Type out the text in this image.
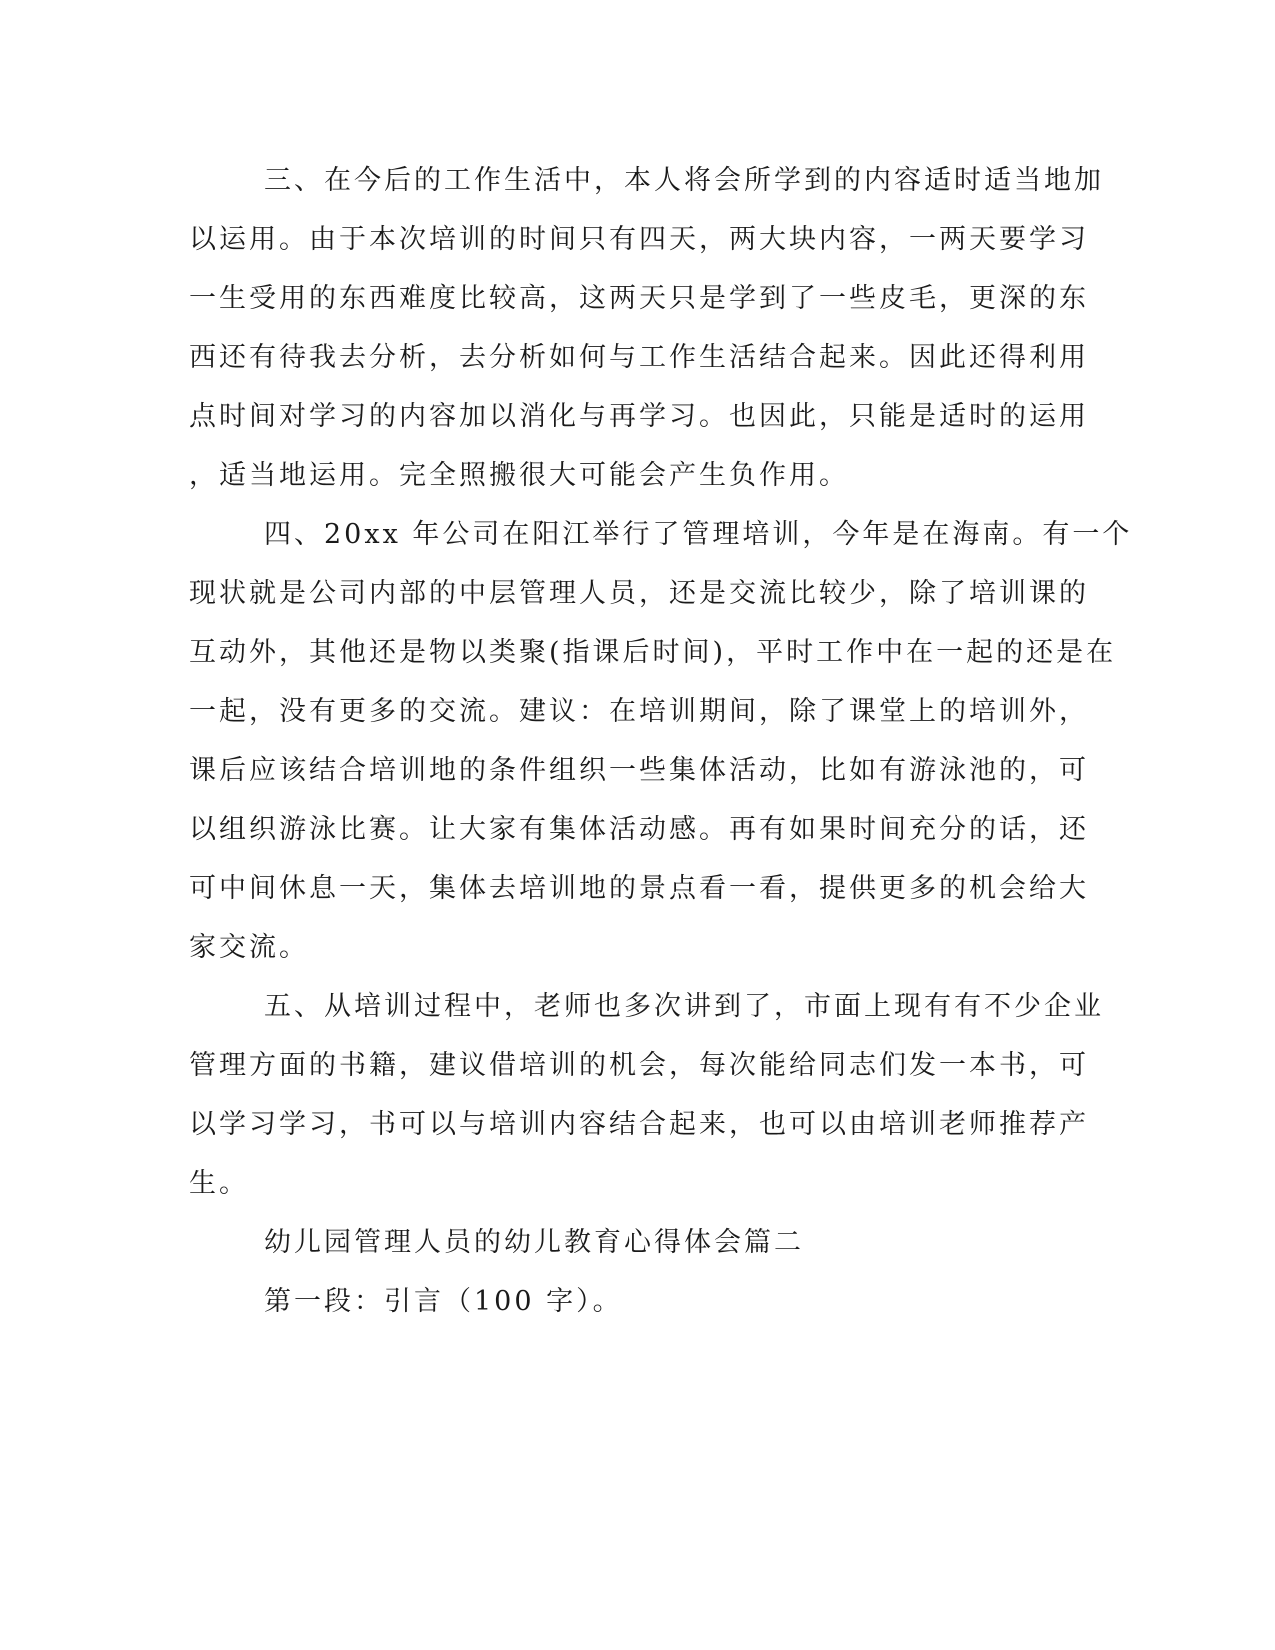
三、在今后的工作生活中，本人将会所学到的内容适时适当地加
以运用。由于本次培训的时间只有四天，两大块内容，一两天要学习
一生受用的东西难度比较高，这两天只是学到了一些皮毛，更深的东
西还有待我去分析，去分析如何与工作生活结合起来。因此还得利用
点时间对学习的内容加以消化与再学习。也因此，只能是适时的运用
，适当地运用。完全照搬很大可能会产生负作用。
四、20xx 年公司在阳江举行了管理培训，今年是在海南。有一个
现状就是公司内部的中层管理人员，还是交流比较少，除了培训课的
互动外，其他还是物以类聚(指课后时间)，平时工作中在一起的还是在
一起，没有更多的交流。建议：在培训期间，除了课堂上的培训外，
课后应该结合培训地的条件组织一些集体活动，比如有游泳池的，可
以组织游泳比赛。让大家有集体活动感。再有如果时间充分的话，还
可中间休息一天，集体去培训地的景点看一看，提供更多的机会给大
家交流。
五、从培训过程中，老师也多次讲到了，市面上现有有不少企业
管理方面的书籍，建议借培训的机会，每次能给同志们发一本书，可
以学习学习，书可以与培训内容结合起来，也可以由培训老师推荐产
生。
幼儿园管理人员的幼儿教育心得体会篇二
第一段：引言（100 字）。
